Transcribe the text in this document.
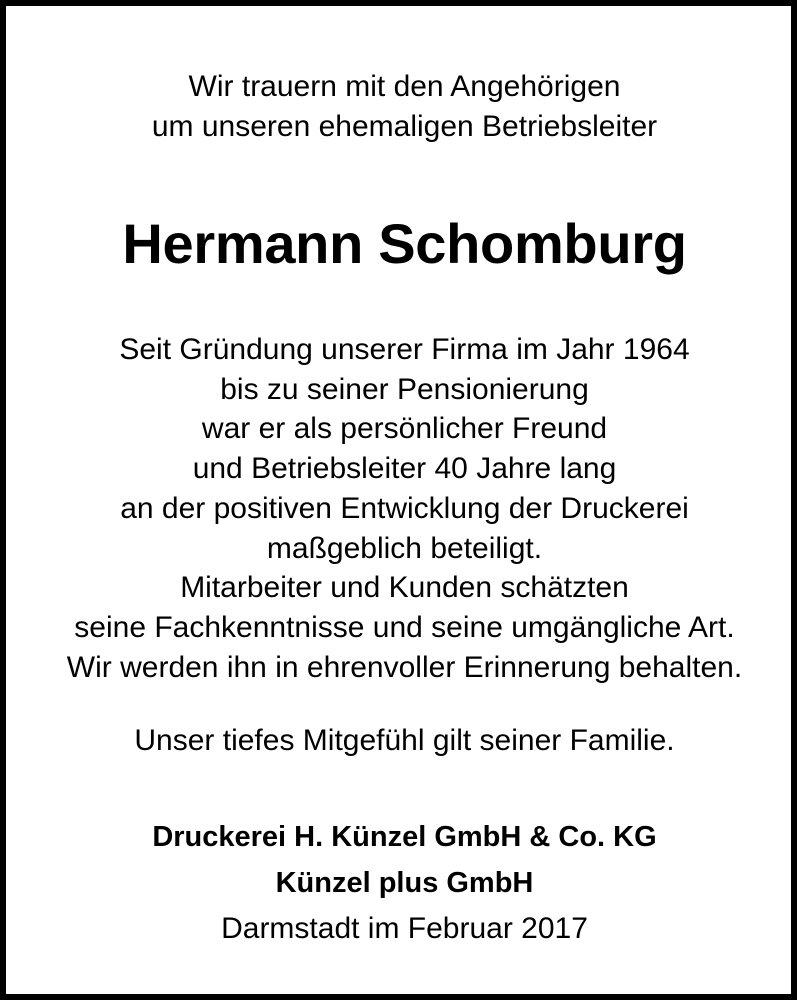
Wir trauern mit den Angehörigen
um unseren ehemaligen Betriebsleiter
Hermann Schomburg
Seit Gründung unserer Firma im Jahr 1964
bis zu seiner Pensionierung
war er als persönlicher Freund
und Betriebsleiter 40 Jahre lang
an der positiven Entwicklung der Druckerei
maßgeblich beteiligt.
Mitarbeiter und Kunden schätzten
seine Fachkenntnisse und seine umgängliche Art.
Wir werden ihn in ehrenvoller Erinnerung behalten.
Unser tiefes Mitgefühl gilt seiner Familie.
Druckerei H. Künzel GmbH & Co. KG
Künzel plus GmbH
Darmstadt im Februar 2017
